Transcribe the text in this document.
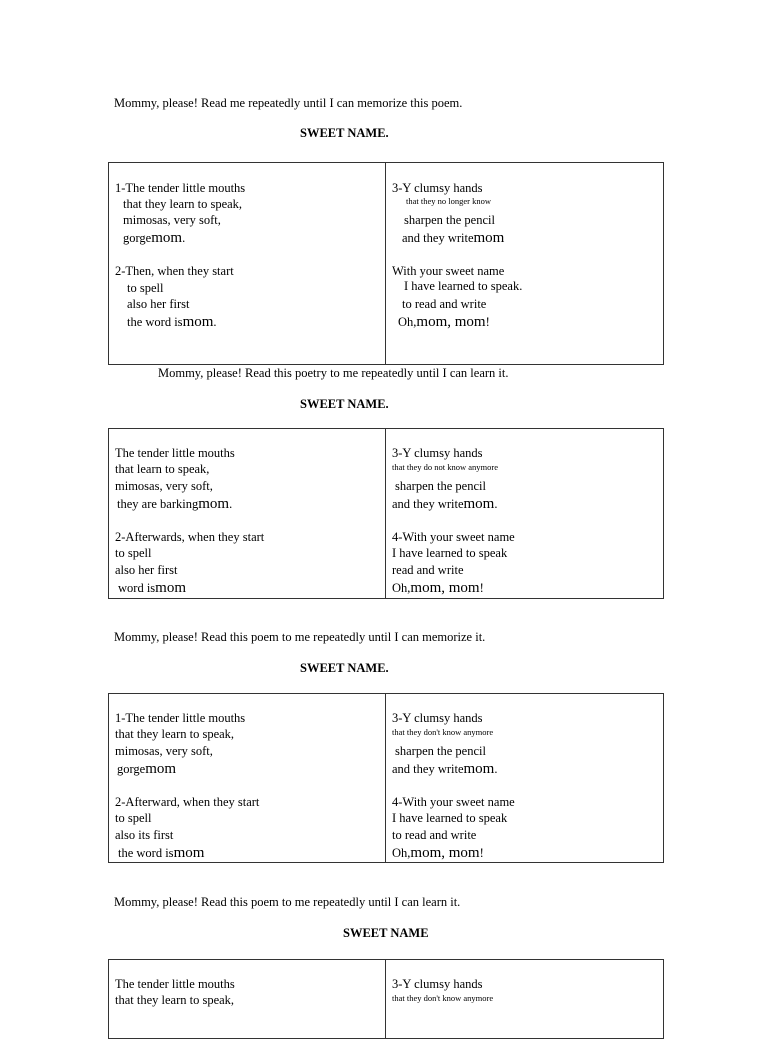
Mommy, please! Read me repeatedly until I can memorize this poem.
SWEET NAME.
1-The tender little mouths
that they learn to speak,
mimosas, very soft,
gorgemom.
2-Then, when they start
to spell
also her first
the word ismom.
3-Y clumsy hands
that they no longer know
sharpen the pencil
and they writemom
With your sweet name
I have learned to speak.
to read and write
Oh,mom, mom!
Mommy, please! Read this poetry to me repeatedly until I can learn it.
SWEET NAME.
The tender little mouths
that learn to speak,
mimosas, very soft,
they are barkingmom.
2-Afterwards, when they start
to spell
also her first
word ismom
3-Y clumsy hands
that they do not know anymore
sharpen the pencil
and they writemom.
4-With your sweet name
I have learned to speak
read and write
Oh,mom, mom!
Mommy, please! Read this poem to me repeatedly until I can memorize it.
SWEET NAME.
1-The tender little mouths
that they learn to speak,
mimosas, very soft,
gorgemom
2-Afterward, when they start
to spell
also its first
the word ismom
3-Y clumsy hands
that they don't know anymore
sharpen the pencil
and they writemom.
4-With your sweet name
I have learned to speak
to read and write
Oh,mom, mom!
Mommy, please! Read this poem to me repeatedly until I can learn it.
SWEET NAME
The tender little mouths
that they learn to speak,
3-Y clumsy hands
that they don't know anymore
